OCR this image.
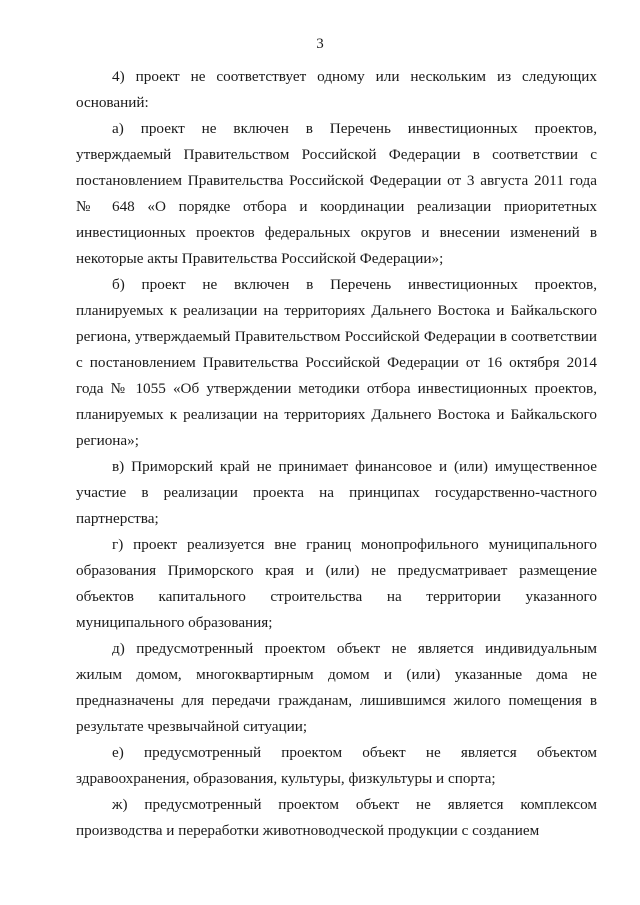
3

4) проект не соответствует одному или нескольким из следующих оснований:

а) проект не включен в Перечень инвестиционных проектов, утверждаемый Правительством Российской Федерации в соответствии с постановлением Правительства Российской Федерации от 3 августа 2011 года № 648 «О порядке отбора и координации реализации приоритетных инвестиционных проектов федеральных округов и внесении изменений в некоторые акты Правительства Российской Федерации»;

б) проект не включен в Перечень инвестиционных проектов, планируемых к реализации на территориях Дальнего Востока и Байкальского региона, утверждаемый Правительством Российской Федерации в соответствии с постановлением Правительства Российской Федерации от 16 октября 2014 года № 1055 «Об утверждении методики отбора инвестиционных проектов, планируемых к реализации на территориях Дальнего Востока и Байкальского региона»;

в) Приморский край не принимает финансовое и (или) имущественное участие в реализации проекта на принципах государственно-частного партнерства;

г) проект реализуется вне границ монопрофильного муниципального образования Приморского края и (или) не предусматривает размещение объектов капитального строительства на территории указанного муниципального образования;

д) предусмотренный проектом объект не является индивидуальным жилым домом, многоквартирным домом и (или) указанные дома не предназначены для передачи гражданам, лишившимся жилого помещения в результате чрезвычайной ситуации;

е) предусмотренный проектом объект не является объектом здравоохранения, образования, культуры, физкультуры и спорта;

ж) предусмотренный проектом объект не является комплексом производства и переработки животноводческой продукции с созданием
